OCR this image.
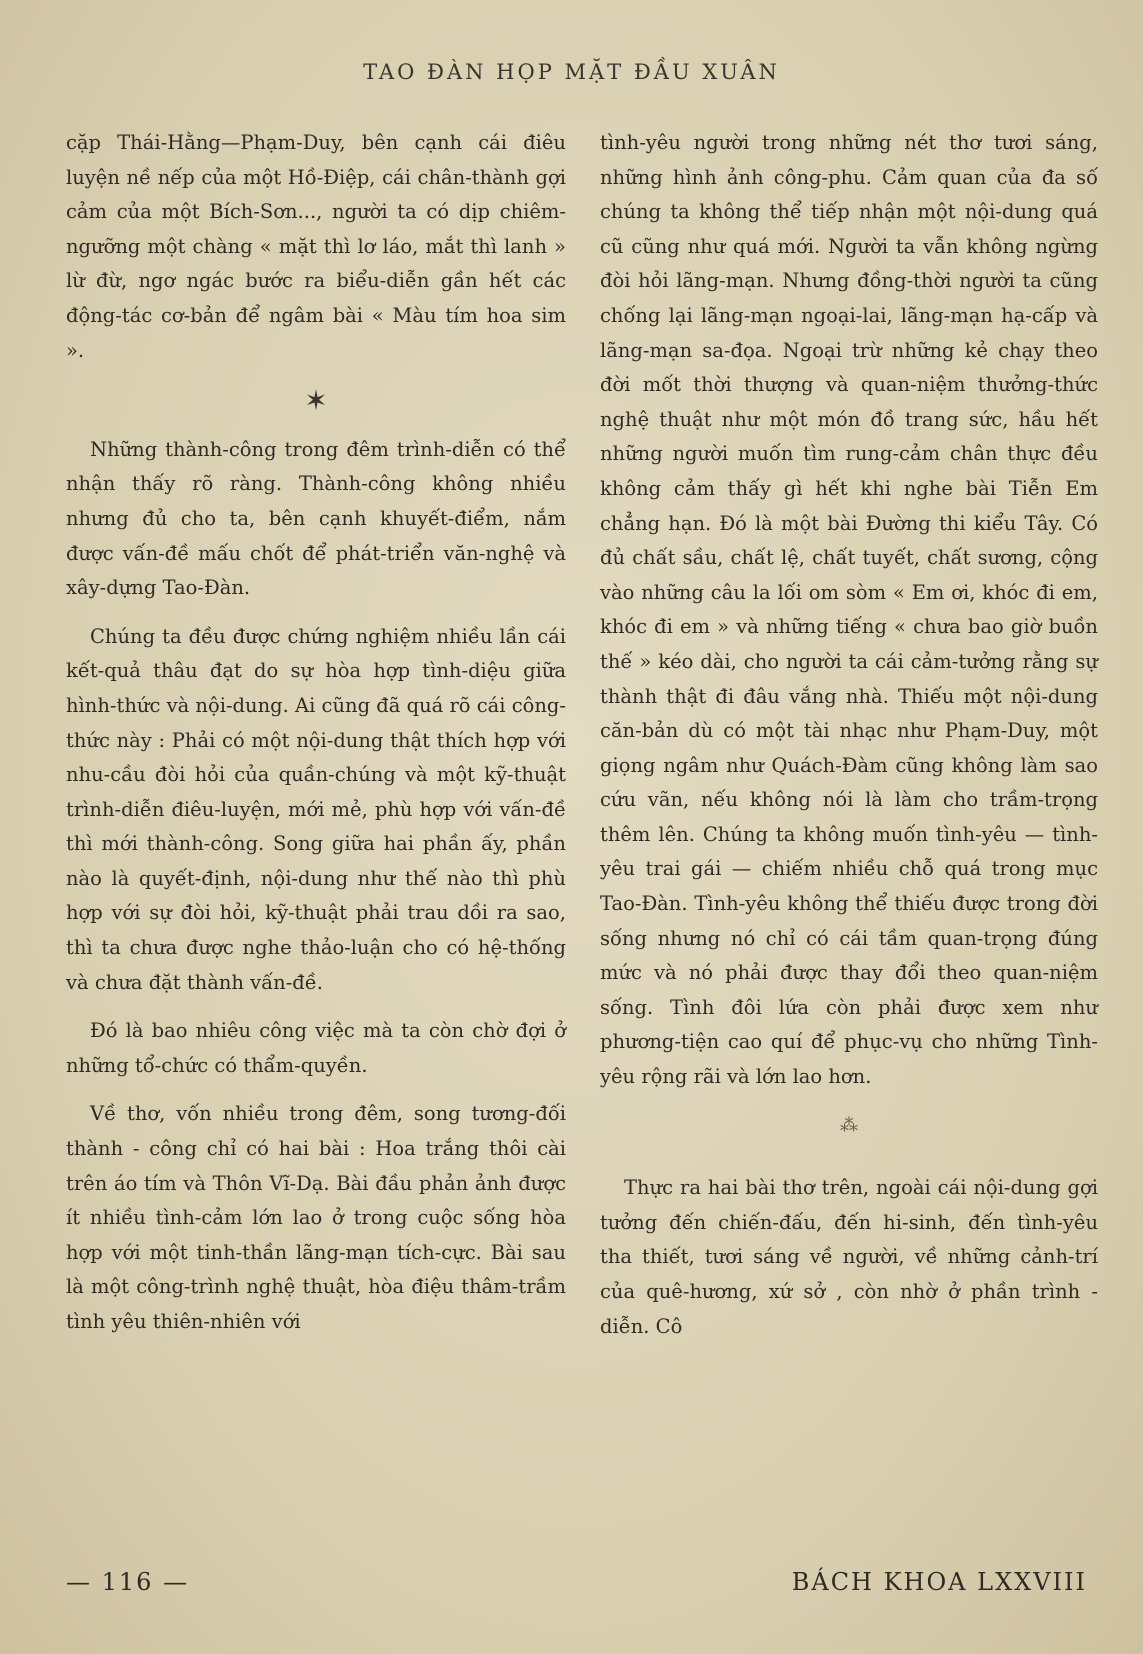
TAO ĐÀN HỌP MẶT ĐẦU XUÂN

cặp Thái-Hằng—Phạm-Duy, bên cạnh cái điêu luyện nề nếp của một Hồ-Điệp, cái chân-thành gợi cảm của một Bích-Sơn..., người ta có dịp chiêm-ngưỡng một chàng « mặt thì lơ láo, mắt thì lanh » lừ đừ, ngơ ngác bước ra biểu-diễn gần hết các động-tác cơ-bản để ngâm bài « Màu tím hoa sim ».

✶

Những thành-công trong đêm trình-diễn có thể nhận thấy rõ ràng. Thành-công không nhiều nhưng đủ cho ta, bên cạnh khuyết-điểm, nắm được vấn-đề mấu chốt để phát-triển văn-nghệ và xây-dựng Tao-Đàn.

Chúng ta đều được chứng nghiệm nhiều lần cái kết-quả thâu đạt do sự hòa hợp tình-diệu giữa hình-thức và nội-dung. Ai cũng đã quá rõ cái công-thức này : Phải có một nội-dung thật thích hợp với nhu-cầu đòi hỏi của quần-chúng và một kỹ-thuật trình-diễn điêu-luyện, mới mẻ, phù hợp với vấn-đề thì mới thành-công. Song giữa hai phần ấy, phần nào là quyết-định, nội-dung như thế nào thì phù hợp với sự đòi hỏi, kỹ-thuật phải trau dồi ra sao, thì ta chưa được nghe thảo-luận cho có hệ-thống và chưa đặt thành vấn-đề.

Đó là bao nhiêu công việc mà ta còn chờ đợi ở những tổ-chức có thẩm-quyền.

Về thơ, vốn nhiều trong đêm, song tương-đối thành - công chỉ có hai bài : Hoa trắng thôi cài trên áo tím và Thôn Vĩ-Dạ. Bài đầu phản ảnh được ít nhiều tình-cảm lớn lao ở trong cuộc sống hòa hợp với một tinh-thần lãng-mạn tích-cực. Bài sau là một công-trình nghệ thuật, hòa điệu thâm-trầm tình yêu thiên-nhiên với

tình-yêu người trong những nét thơ tươi sáng, những hình ảnh công-phu. Cảm quan của đa số chúng ta không thể tiếp nhận một nội-dung quá cũ cũng như quá mới. Người ta vẫn không ngừng đòi hỏi lãng-mạn. Nhưng đồng-thời người ta cũng chống lại lãng-mạn ngoại-lai, lãng-mạn hạ-cấp và lãng-mạn sa-đọa. Ngoại trừ những kẻ chạy theo đời mốt thời thượng và quan-niệm thưởng-thức nghệ thuật như một món đồ trang sức, hầu hết những người muốn tìm rung-cảm chân thực đều không cảm thấy gì hết khi nghe bài Tiễn Em chẳng hạn. Đó là một bài Đường thi kiểu Tây. Có đủ chất sầu, chất lệ, chất tuyết, chất sương, cộng vào những câu la lối om sòm « Em ơi, khóc đi em, khóc đi em » và những tiếng « chưa bao giờ buồn thế » kéo dài, cho người ta cái cảm-tưởng rằng sự thành thật đi đâu vắng nhà. Thiếu một nội-dung căn-bản dù có một tài nhạc như Phạm-Duy, một giọng ngâm như Quách-Đàm cũng không làm sao cứu vãn, nếu không nói là làm cho trầm-trọng thêm lên. Chúng ta không muốn tình-yêu — tình-yêu trai gái — chiếm nhiều chỗ quá trong mục Tao-Đàn. Tình-yêu không thể thiếu được trong đời sống nhưng nó chỉ có cái tầm quan-trọng đúng mức và nó phải được thay đổi theo quan-niệm sống. Tình đôi lứa còn phải được xem như phương-tiện cao quí để phục-vụ cho những Tình-yêu rộng rãi và lớn lao hơn.

⁂

Thực ra hai bài thơ trên, ngoài cái nội-dung gợi tưởng đến chiến-đấu, đến hi-sinh, đến tình-yêu tha thiết, tươi sáng về người, về những cảnh-trí của quê-hương, xứ sở , còn nhờ ở phần trình - diễn. Cô

— 116 —	BÁCH KHOA LXXVIII
